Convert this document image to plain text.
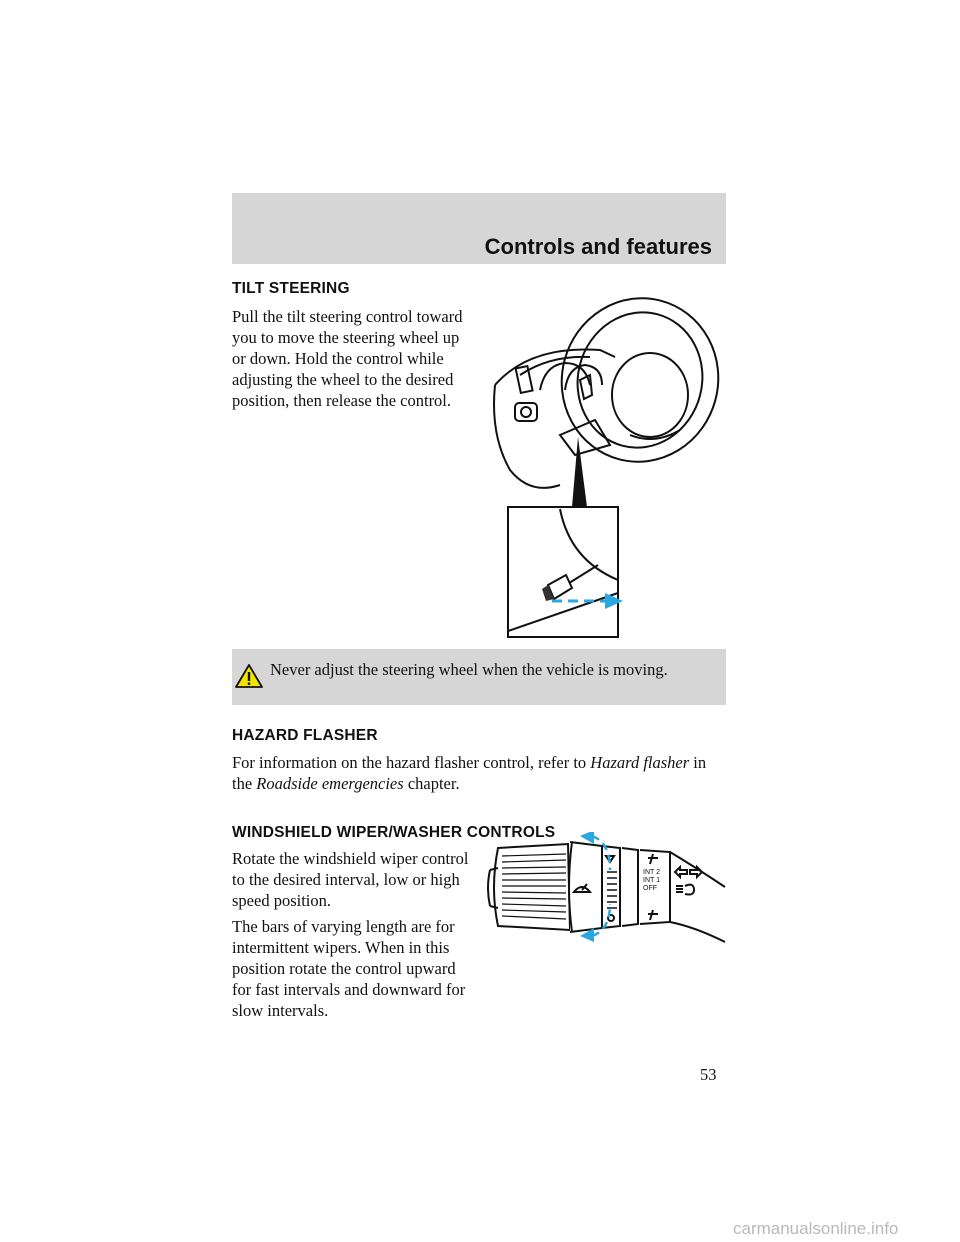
Controls and features
TILT STEERING
Pull the tilt steering control toward
you to move the steering wheel up
or down. Hold the control while
adjusting the wheel to the desired
position, then release the control.
Never adjust the steering wheel when the vehicle is moving.
HAZARD FLASHER
For information on the hazard flasher control, refer to Hazard flasher in
the Roadside emergencies chapter.
WINDSHIELD WIPER/WASHER CONTROLS
Rotate the windshield wiper control
to the desired interval, low or high
speed position.
The bars of varying length are for
intermittent wipers. When in this
position rotate the control upward
for fast intervals and downward for
slow intervals.
INT 2
INT 1
OFF
53
carmanualsonline.info
